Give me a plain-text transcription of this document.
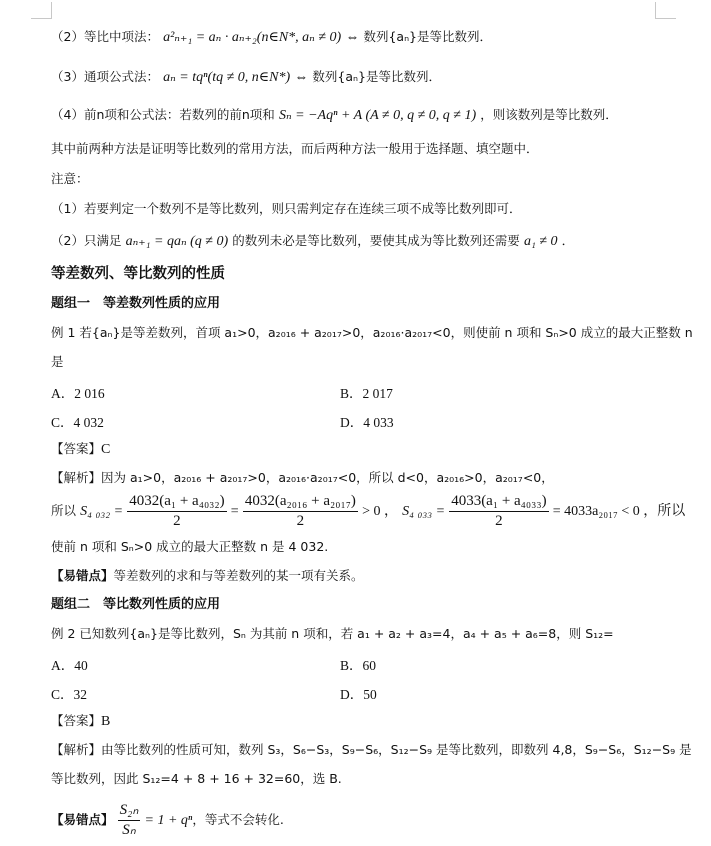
（2）等比中项法： a²ₙ₊₁ = aₙ · aₙ₊₂(n∈N*, aₙ ≠ 0) ⇔ 数列{aₙ}是等比数列．
（3）通项公式法： aₙ = tqⁿ(tq ≠ 0, n∈N*) ⇔ 数列{aₙ}是等比数列．
（4）前n项和公式法：若数列的前n项和 Sₙ = −Aqⁿ + A (A ≠ 0, q ≠ 0, q ≠ 1) ，则该数列是等比数列．
其中前两种方法是证明等比数列的常用方法，而后两种方法一般用于选择题、填空题中．
注意：
（1）若要判定一个数列不是等比数列，则只需判定存在连续三项不成等比数列即可．
（2）只满足 aₙ₊₁ = qaₙ (q ≠ 0) 的数列未必是等比数列，要使其成为等比数列还需要 a₁ ≠ 0 ．
等差数列、等比数列的性质
题组一　等差数列性质的应用
例 1 若{aₙ}是等差数列，首项 a₁>0，a₂₀₁₆ + a₂₀₁₇>0，a₂₀₁₆·a₂₀₁₇<0，则使前 n 项和 Sₙ>0 成立的最大正整数 n
是
A．2 016	B．2 017
C．4 032	D．4 033
【答案】C
【解析】因为 a₁>0，a₂₀₁₆ + a₂₀₁₇>0，a₂₀₁₆·a₂₀₁₇<0，所以 d<0，a₂₀₁₆>0，a₂₀₁₇<0，
所以 S₄ $_{032} = \frac{\text{4032(a₁ + a₄₀₃₂)}}{2} = \frac{\text{4032(a₂₀₁₆ + a₂₀₁₇)}}{2} > 0$ ， S₄ $_{033} = \frac{\text{4033(a₁ + a₄₀₃₃)}}{2} = 4033a_{2017} < 0$ ，所以
使前 n 项和 Sₙ>0 成立的最大正整数 n 是 4 032.
【易错点】等差数列的求和与等差数列的某一项有关系。
题组二　等比数列性质的应用
例 2 已知数列{aₙ}是等比数列，Sₙ 为其前 n 项和，若 a₁ + a₂ + a₃=4，a₄ + a₅ + a₆=8，则 S₁₂=
A．40	B．60
C．32	D．50
【答案】B
【解析】由等比数列的性质可知，数列 S₃，S₆−S₃，S₉−S₆，S₁₂−S₉ 是等比数列，即数列 4,8，S₉−S₆，S₁₂−S₉ 是
等比数列，因此 S₁₂=4 + 8 + 16 + 32=60，选 B.
【易错点】 $\frac{\text{S₂ₙ}}{\text{Sₙ}} = 1 + q^n$，等式不会转化.
